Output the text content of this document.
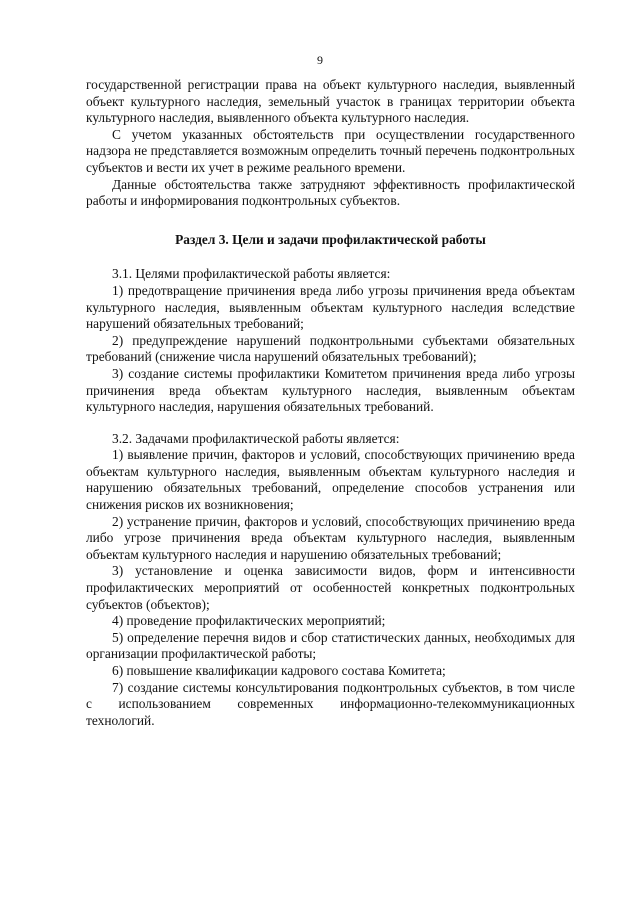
9

государственной регистрации права на объект культурного наследия, выявленный объект культурного наследия, земельный участок в границах территории объекта культурного наследия, выявленного объекта культурного наследия.

С учетом указанных обстоятельств при осуществлении государственного надзора не представляется возможным определить точный перечень подконтрольных субъектов и вести их учет в режиме реального времени.

Данные обстоятельства также затрудняют эффективность профилактической работы и информирования подконтрольных субъектов.

Раздел 3. Цели и задачи профилактической работы

3.1. Целями профилактической работы является:

1) предотвращение причинения вреда либо угрозы причинения вреда объектам культурного наследия, выявленным объектам культурного наследия вследствие нарушений обязательных требований;

2) предупреждение нарушений подконтрольными субъектами обязательных требований (снижение числа нарушений обязательных требований);

3) создание системы профилактики Комитетом причинения вреда либо угрозы причинения вреда объектам культурного наследия, выявленным объектам культурного наследия, нарушения обязательных требований.

3.2. Задачами профилактической работы является:

1) выявление причин, факторов и условий, способствующих причинению вреда объектам культурного наследия, выявленным объектам культурного наследия и нарушению обязательных требований, определение способов устранения или снижения рисков их возникновения;

2) устранение причин, факторов и условий, способствующих причинению вреда либо угрозе причинения вреда объектам культурного наследия, выявленным объектам культурного наследия и нарушению обязательных требований;

3) установление и оценка зависимости видов, форм и интенсивности профилактических мероприятий от особенностей конкретных подконтрольных субъектов (объектов);

4) проведение профилактических мероприятий;

5) определение перечня видов и сбор статистических данных, необходимых для организации профилактической работы;

6) повышение квалификации кадрового состава Комитета;

7) создание системы консультирования подконтрольных субъектов, в том числе с использованием современных информационно-телекоммуникационных технологий.
